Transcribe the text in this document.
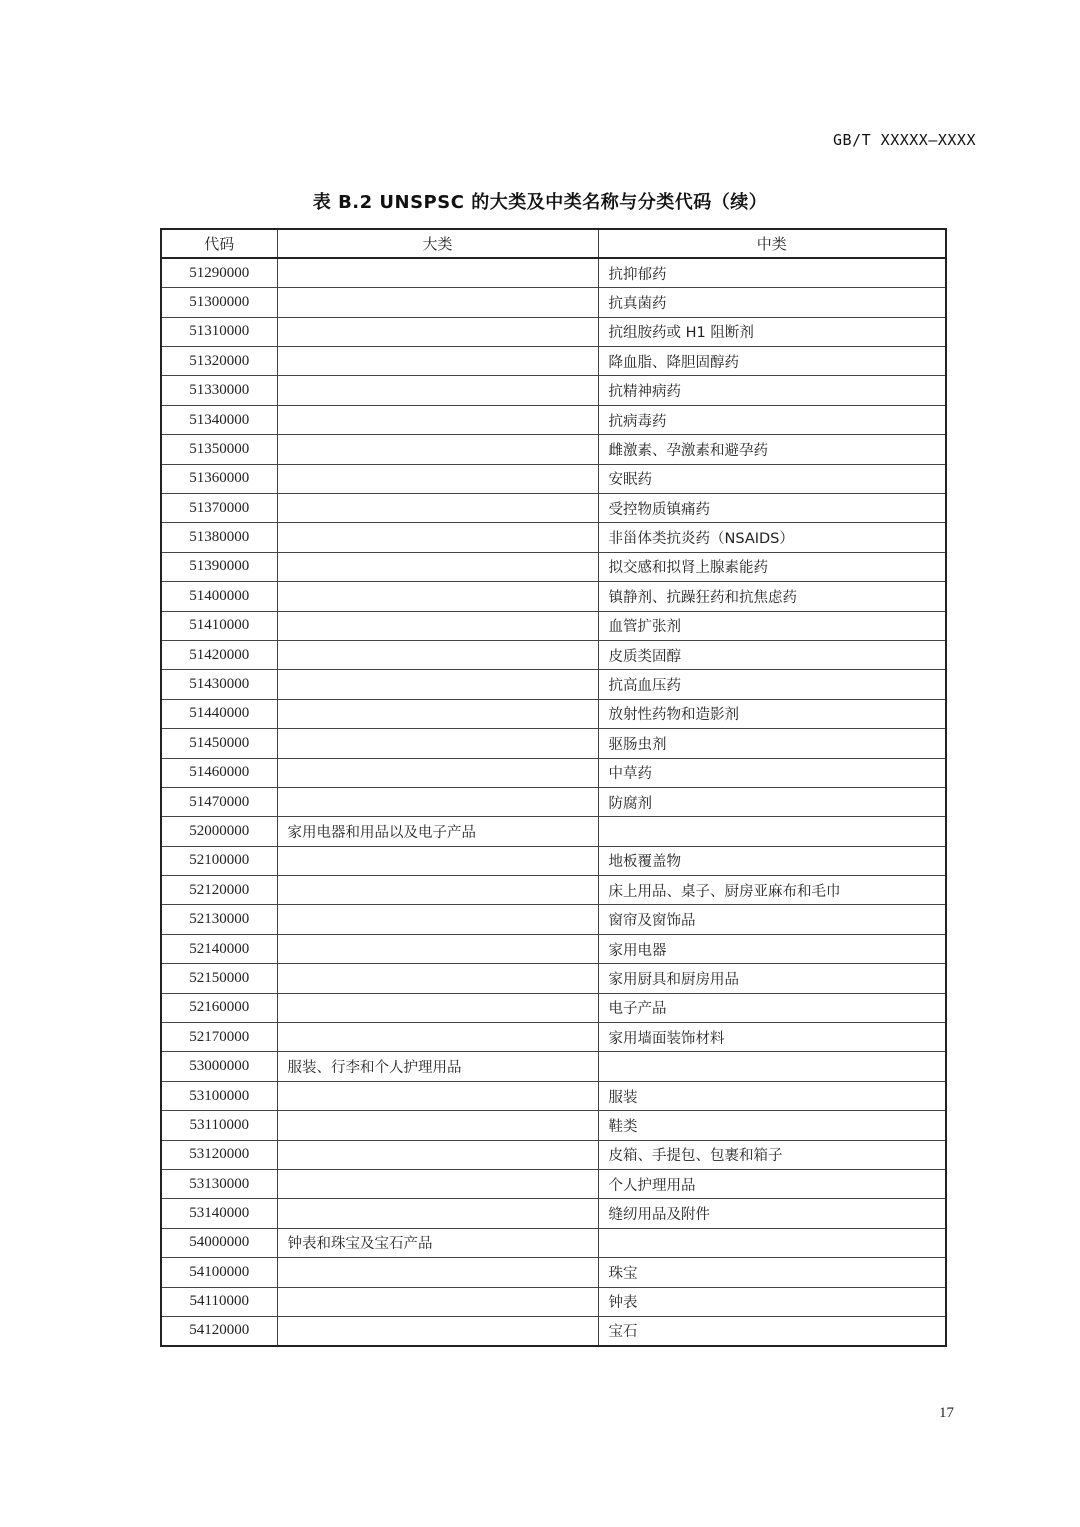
GB/T XXXXX—XXXX
表 B.2 UNSPSC 的大类及中类名称与分类代码（续）
代码	大类	中类
51290000		抗抑郁药
51300000		抗真菌药
51310000		抗组胺药或 H1 阻断剂
51320000		降血脂、降胆固醇药
51330000		抗精神病药
51340000		抗病毒药
51350000		雌激素、孕激素和避孕药
51360000		安眠药
51370000		受控物质镇痛药
51380000		非甾体类抗炎药（NSAIDS）
51390000		拟交感和拟肾上腺素能药
51400000		镇静剂、抗躁狂药和抗焦虑药
51410000		血管扩张剂
51420000		皮质类固醇
51430000		抗高血压药
51440000		放射性药物和造影剂
51450000		驱肠虫剂
51460000		中草药
51470000		防腐剂
52000000	家用电器和用品以及电子产品	
52100000		地板覆盖物
52120000		床上用品、桌子、厨房亚麻布和毛巾
52130000		窗帘及窗饰品
52140000		家用电器
52150000		家用厨具和厨房用品
52160000		电子产品
52170000		家用墙面装饰材料
53000000	服装、行李和个人护理用品	
53100000		服装
53110000		鞋类
53120000		皮箱、手提包、包裹和箱子
53130000		个人护理用品
53140000		缝纫用品及附件
54000000	钟表和珠宝及宝石产品	
54100000		珠宝
54110000		钟表
54120000		宝石
17
